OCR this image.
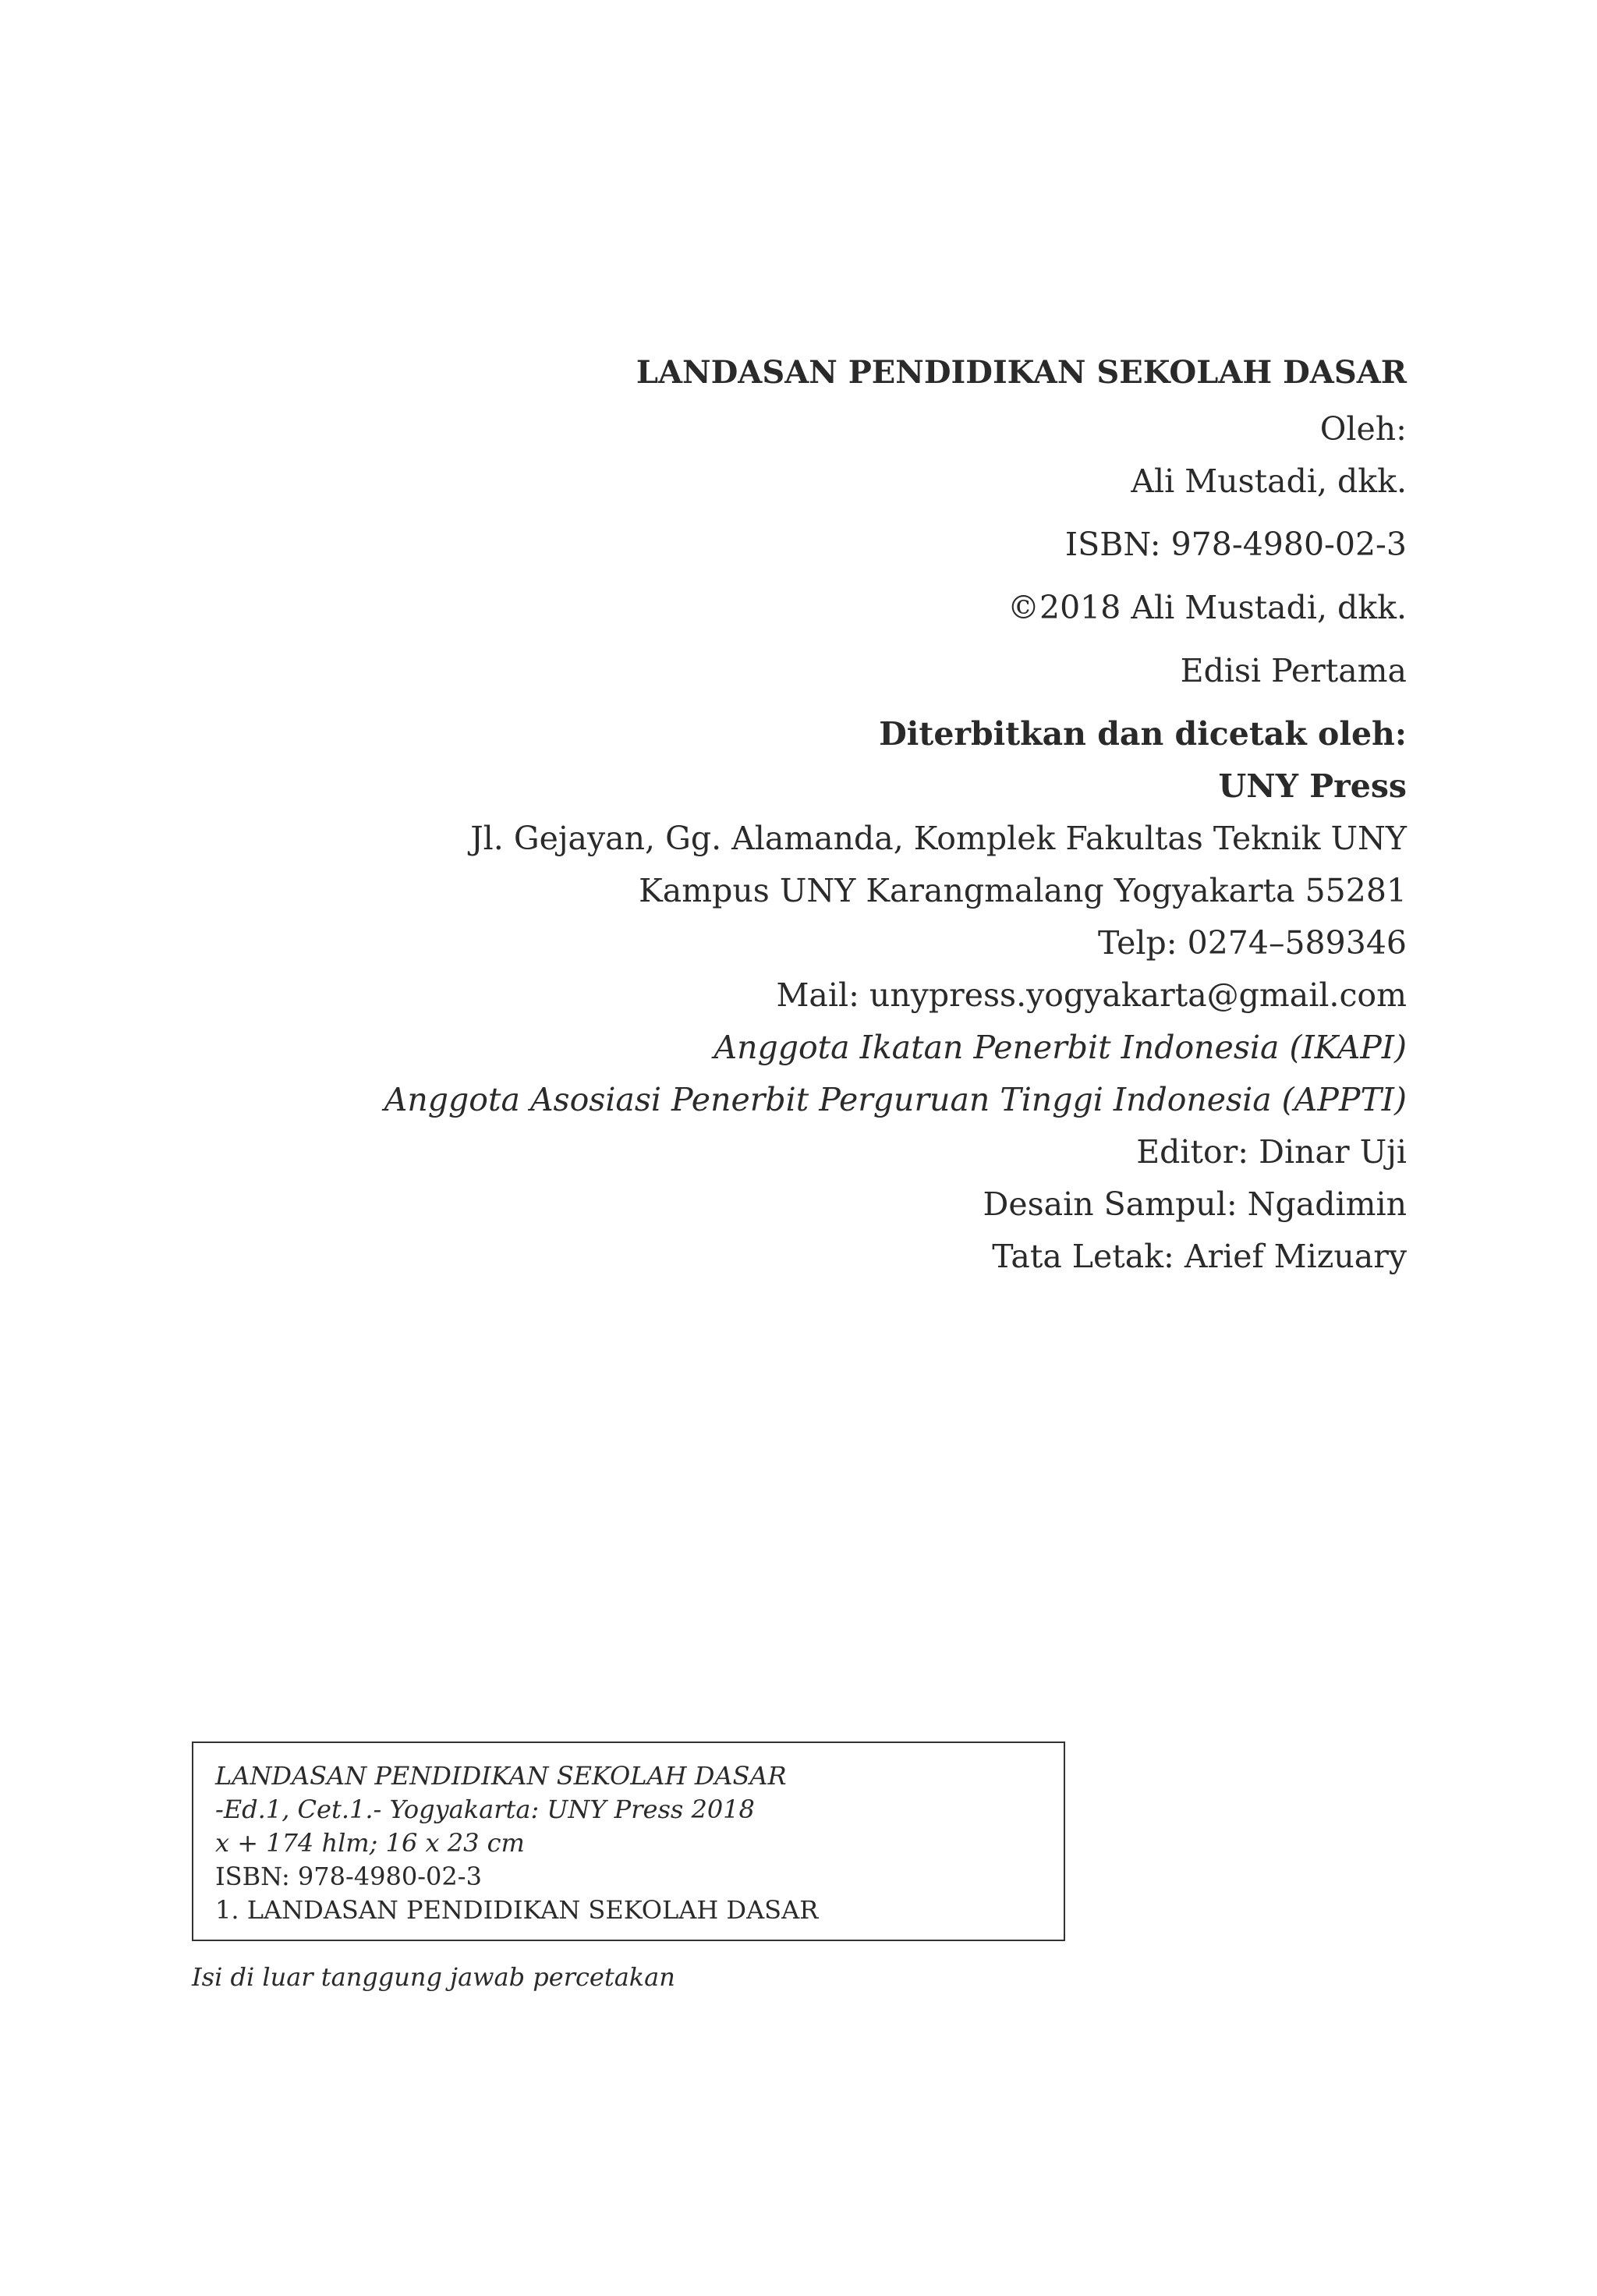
LANDASAN PENDIDIKAN SEKOLAH DASAR
Oleh:
Ali Mustadi, dkk.
ISBN: 978-4980-02-3
©2018 Ali Mustadi, dkk.
Edisi Pertama
Diterbitkan dan dicetak oleh:
UNY Press
Jl. Gejayan, Gg. Alamanda, Komplek Fakultas Teknik UNY
Kampus UNY Karangmalang Yogyakarta 55281
Telp: 0274–589346
Mail: unypress.yogyakarta@gmail.com
Anggota Ikatan Penerbit Indonesia (IKAPI)
Anggota Asosiasi Penerbit Perguruan Tinggi Indonesia (APPTI)
Editor: Dinar Uji
Desain Sampul: Ngadimin
Tata Letak: Arief Mizuary
LANDASAN PENDIDIKAN SEKOLAH DASAR
-Ed.1, Cet.1.- Yogyakarta: UNY Press 2018
x + 174 hlm; 16 x 23 cm
ISBN: 978-4980-02-3
1. LANDASAN PENDIDIKAN SEKOLAH DASAR
Isi di luar tanggung jawab percetakan
